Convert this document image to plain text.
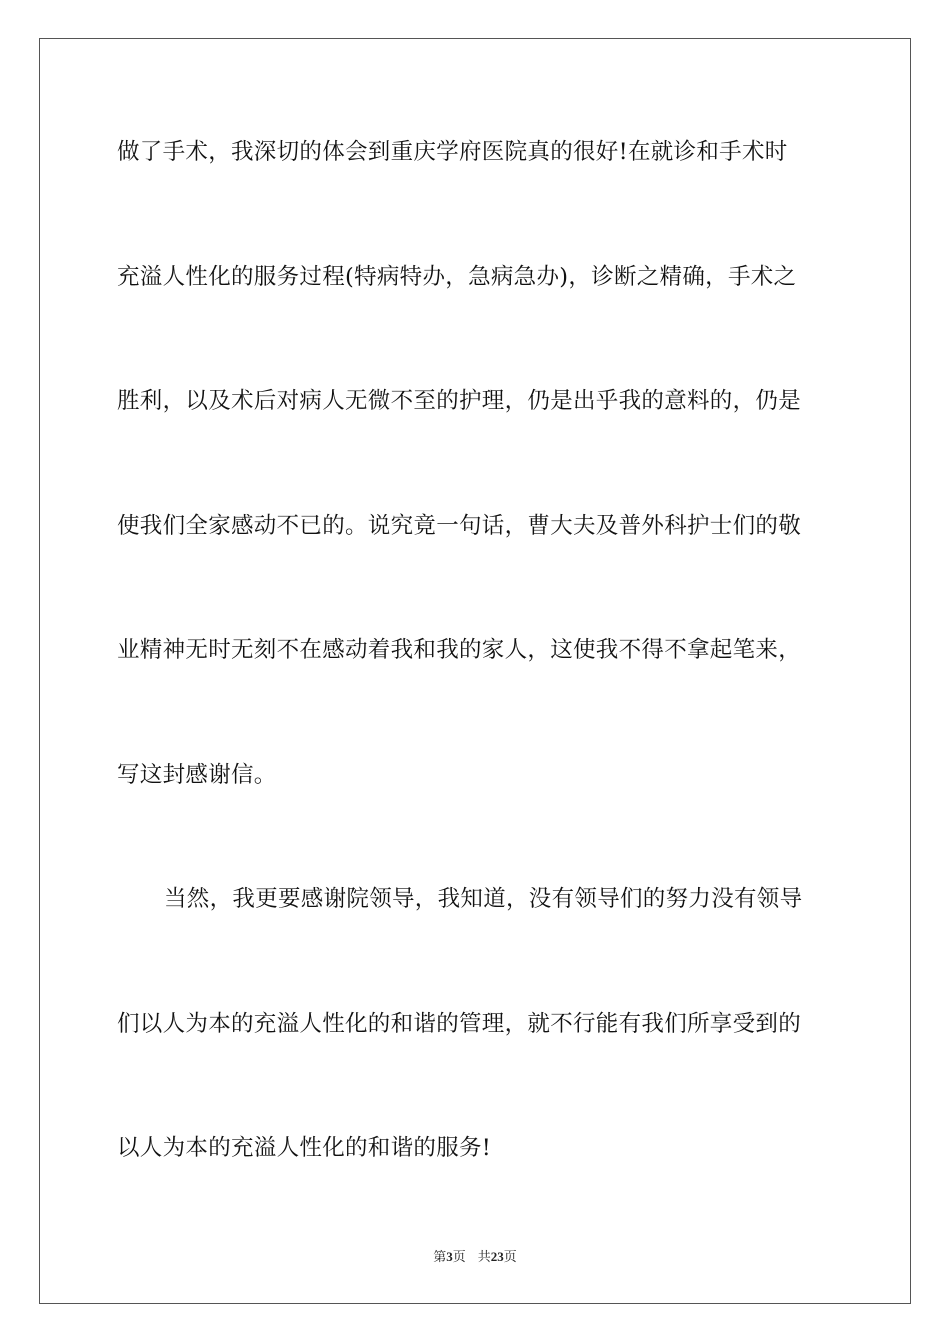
做了手术，我深切的体会到重庆学府医院真的很好!在就诊和手术时
充溢人性化的服务过程(特病特办，急病急办)，诊断之精确，手术之
胜利，以及术后对病人无微不至的护理，仍是出乎我的意料的，仍是
使我们全家感动不已的。说究竟一句话，曹大夫及普外科护士们的敬
业精神无时无刻不在感动着我和我的家人，这使我不得不拿起笔来，
写这封感谢信。
当然，我更要感谢院领导，我知道，没有领导们的努力没有领导
们以人为本的充溢人性化的和谐的管理，就不行能有我们所享受到的
以人为本的充溢人性化的和谐的服务!
第3页 共23页
